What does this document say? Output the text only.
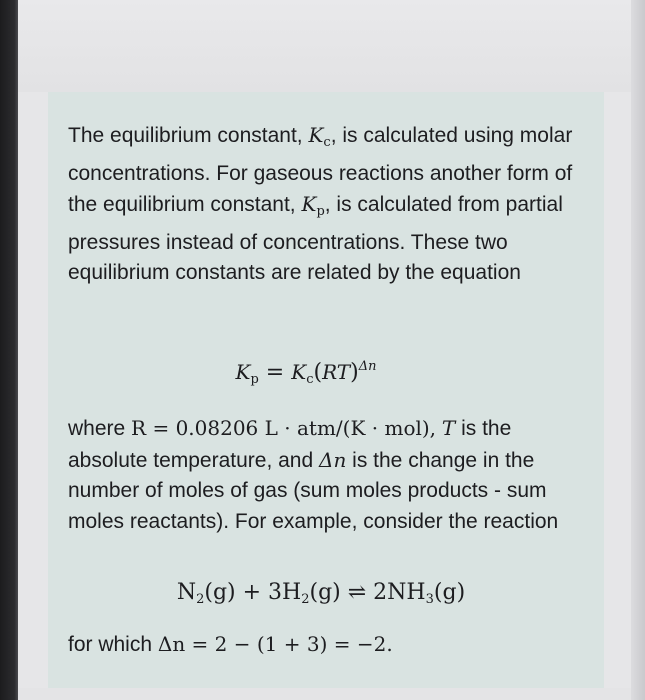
The equilibrium constant, $K_c$, is calculated using molar concentrations. For gaseous reactions another form of the equilibrium constant, $K_p$, is calculated from partial pressures instead of concentrations. These two equilibrium constants are related by the equation
$K_p = K_c(RT)^{\Delta n}$
where R = 0.08206 L · atm/(K · mol), T is the absolute temperature, and Δn is the change in the number of moles of gas (sum moles products - sum moles reactants). For example, consider the reaction
$N_2(g) + 3H_2(g)$ ⇌ $2NH_3(g)$
for which Δn = 2 − (1 + 3) = −2.
